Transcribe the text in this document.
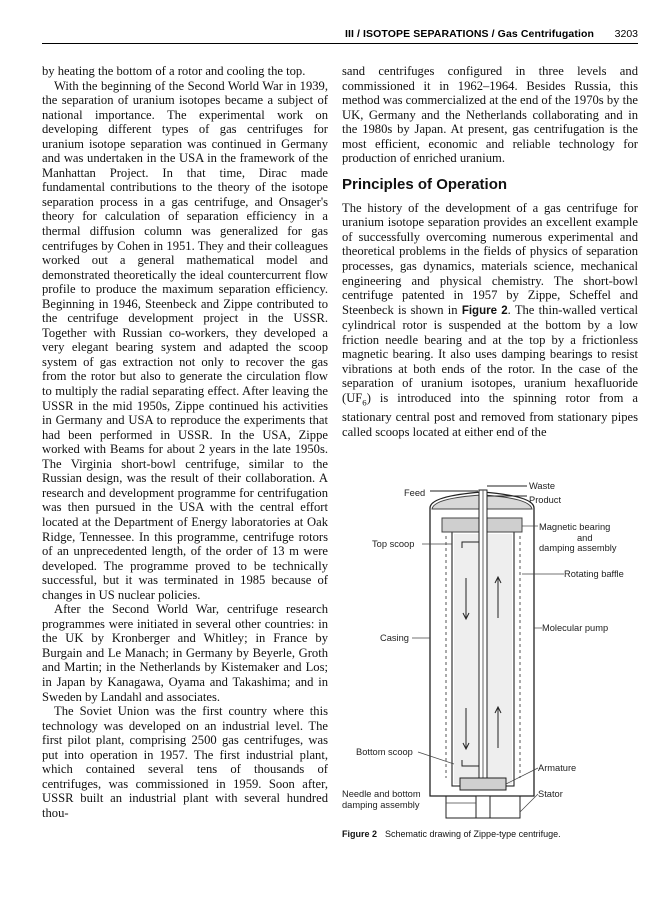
III / ISOTOPE SEPARATIONS / Gas Centrifugation 3203

by heating the bottom of a rotor and cooling the top.

With the beginning of the Second World War in 1939, the separation of uranium isotopes became a subject of national importance. The experimental work on developing different types of gas centrifuges for uranium isotope separation was continued in Germany and was undertaken in the USA in the framework of the Manhattan Project. In that time, Dirac made fundamental contributions to the theory of the isotope separation process in a gas centrifuge, and Onsager's theory for calculation of separation efficiency in a thermal diffusion column was generalized for gas centrifuges by Cohen in 1951. They and their colleagues worked out a general mathematical model and demonstrated theoretically the ideal countercurrent flow profile to produce the maximum separation efficiency. Beginning in 1946, Steenbeck and Zippe contributed to the centrifuge development project in the USSR. Together with Russian co-workers, they developed a very elegant bearing system and adapted the scoop system of gas extraction not only to recover the gas from the rotor but also to generate the circulation flow to multiply the radial separating effect. After leaving the USSR in the mid 1950s, Zippe continued his activities in Germany and USA to reproduce the experiments that had been performed in USSR. In the USA, Zippe worked with Beams for about 2 years in the late 1950s. The Virginia short-bowl centrifuge, similar to the Russian design, was the result of their collaboration. A research and development programme for centrifugation was then pursued in the USA with the central effort located at the Department of Energy laboratories at Oak Ridge, Tennessee. In this programme, centrifuge rotors of an unprecedented length, of the order of 13 m were developed. The programme proved to be technically successful, but it was terminated in 1985 because of changes in US nuclear policies.

After the Second World War, centrifuge research programmes were initiated in several other countries: in the UK by Kronberger and Whitley; in France by Burgain and Le Manach; in Germany by Beyerle, Groth and Martin; in the Netherlands by Kistemaker and Los; in Japan by Kanagawa, Oyama and Takashima; and in Sweden by Landahl and associates.

The Soviet Union was the first country where this technology was developed on an industrial level. The first pilot plant, comprising 2500 gas centrifuges, was put into operation in 1957. The first industrial plant, which contained several tens of thousands of centrifuges, was commissioned in 1959. Soon after, USSR built an industrial plant with several hundred thou-

sand centrifuges configured in three levels and commissioned it in 1962–1964. Besides Russia, this method was commercialized at the end of the 1970s by the UK, Germany and the Netherlands collaborating and in the 1980s by Japan. At present, gas centrifugation is the most efficient, economic and reliable technology for production of enriched uranium.

Principles of Operation

The history of the development of a gas centrifuge for uranium isotope separation provides an excellent example of successfully overcoming numerous experimental and theoretical problems in the fields of physics of separation processes, gas dynamics, materials science, mechanical engineering and physical chemistry. The short-bowl centrifuge patented in 1957 by Zippe, Scheffel and Steenbeck is shown in Figure 2. The thin-walled vertical cylindrical rotor is suspended at the bottom by a low friction needle bearing and at the top by a frictionless magnetic bearing. It also uses damping bearings to resist vibrations at both ends of the rotor. In the case of the separation of uranium isotopes, uranium hexafluoride $(UF_6)$ is introduced into the spinning rotor from a stationary central post and removed from stationary pipes called scoops located at either end of the

Feed
Waste
Product
Magnetic bearing
and
damping assembly
Top scoop
Rotating baffle
Molecular pump
Casing
Bottom scoop
Armature
Needle and bottom
damping assembly
Stator
Figure 2 Schematic drawing of Zippe-type centrifuge.
